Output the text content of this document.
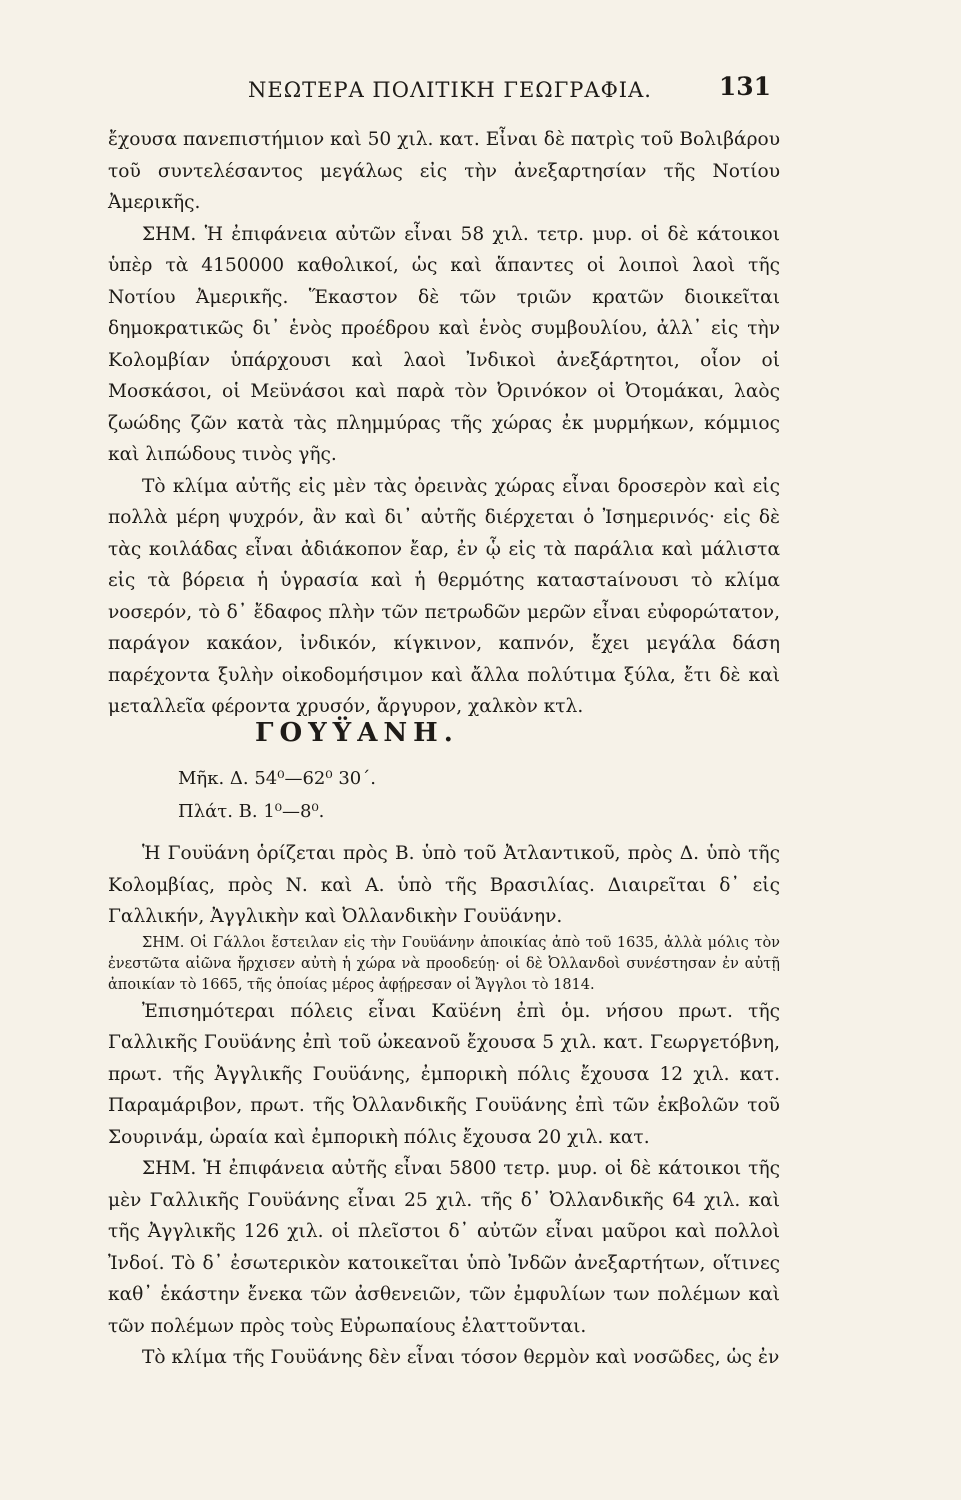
ΝΕΩΤΕΡΑ ΠΟΛΙΤΙΚΗ ΓΕΩΓΡΑΦΙΑ.	131

ἔχουσα πανεπιστήμιον καὶ 50 χιλ. κατ. Εἶναι δὲ πατρὶς τοῦ Βολιβάρου τοῦ συντελέσαντος μεγάλως εἰς τὴν ἀνεξαρτησίαν τῆς Νοτίου Ἀμερικῆς.

ΣΗΜ. Ἡ ἐπιφάνεια αὐτῶν εἶναι 58 χιλ. τετρ. μυρ. οἱ δὲ κάτοικοι ὑπὲρ τὰ 4150000 καθολικοί, ὡς καὶ ἅπαντες οἱ λοιποὶ λαοὶ τῆς Νοτίου Ἀμερικῆς. Ἕκαστον δὲ τῶν τριῶν κρατῶν διοικεῖται δημοκρατικῶς δι᾽ ἑνὸς προέδρου καὶ ἑνὸς συμβουλίου, ἀλλ᾽ εἰς τὴν Κολομβίαν ὑπάρχουσι καὶ λαοὶ Ἰνδικοὶ ἀνεξάρτητοι, οἷον οἱ Μοσκάσοι, οἱ Μεϋνάσοι καὶ παρὰ τὸν Ὀρινόκον οἱ Ὀτομάκαι, λαὸς ζωώδης ζῶν κατὰ τὰς πλημμύρας τῆς χώρας ἐκ μυρμήκων, κόμμιος καὶ λιπώδους τινὸς γῆς.

Τὸ κλίμα αὐτῆς εἰς μὲν τὰς ὀρεινὰς χώρας εἶναι δροσερὸν καὶ εἰς πολλὰ μέρη ψυχρόν, ἂν καὶ δι᾽ αὐτῆς διέρχεται ὁ Ἰσημερινός· εἰς δὲ τὰς κοιλάδας εἶναι ἀδιάκοπον ἔαρ, ἐν ᾧ εἰς τὰ παράλια καὶ μάλιστα εἰς τὰ βόρεια ἡ ὑγρασία καὶ ἡ θερμότης καταστaίνουσι τὸ κλίμα νοσερόν, τὸ δ᾽ ἔδαφος πλὴν τῶν πετρωδῶν μερῶν εἶναι εὐφορώτατον, παράγον κακάον, ἰνδικόν, κίγκινον, καπνόν, ἔχει μεγάλα δάση παρέχοντα ξυλὴν οἰκοδομήσιμον καὶ ἄλλα πολύτιμα ξύλα, ἔτι δὲ καὶ μεταλλεῖα φέροντα χρυσόν, ἄργυρον, χαλκὸν κτλ.

ΓΟΥΫΑΝΗ.
Μῆκ. Δ. 54⁰—62⁰ 30΄.
Πλάτ. Β. 1⁰—8⁰.

Ἡ Γουϋάνη ὁρίζεται πρὸς Β. ὑπὸ τοῦ Ἀτλαντικοῦ, πρὸς Δ. ὑπὸ τῆς Κολομβίας, πρὸς Ν. καὶ Α. ὑπὸ τῆς Βρασιλίας. Διαιρεῖται δ᾽ εἰς Γαλλικήν, Ἀγγλικὴν καὶ Ὀλλανδικὴν Γουϋάνην.

ΣΗΜ. Οἱ Γάλλοι ἔστειλαν εἰς τὴν Γουϋάνην ἀποικίας ἀπὸ τοῦ 1635, ἀλλὰ μόλις τὸν ἐνεστῶτα αἰῶνα ἤρχισεν αὐτὴ ἡ χώρα νὰ προοδεύῃ· οἱ δὲ Ὀλλανδοὶ συνέστησαν ἐν αὐτῇ ἀποικίαν τὸ 1665, τῆς ὁποίας μέρος ἀφῄρεσαν οἱ Ἄγγλοι τὸ 1814.

Ἐπισημότεραι πόλεις εἶναι Καϋένη ἐπὶ ὁμ. νήσου πρωτ. τῆς Γαλλικῆς Γουϋάνης ἐπὶ τοῦ ὠκεανοῦ ἔχουσα 5 χιλ. κατ. Γεωργετόβνη, πρωτ. τῆς Ἀγγλικῆς Γουϋάνης, ἐμπορικὴ πόλις ἔχουσα 12 χιλ. κατ. Παραμάριβον, πρωτ. τῆς Ὀλλανδικῆς Γουϋάνης ἐπὶ τῶν ἐκβολῶν τοῦ Σουρινάμ, ὡραία καὶ ἐμπορικὴ πόλις ἔχουσα 20 χιλ. κατ.

ΣΗΜ. Ἡ ἐπιφάνεια αὐτῆς εἶναι 5800 τετρ. μυρ. οἱ δὲ κάτοικοι τῆς μὲν Γαλλικῆς Γουϋάνης εἶναι 25 χιλ. τῆς δ᾽ Ὀλλανδικῆς 64 χιλ. καὶ τῆς Ἀγγλικῆς 126 χιλ. οἱ πλεῖστοι δ᾽ αὐτῶν εἶναι μαῦροι καὶ πολλοὶ Ἰνδοί. Τὸ δ᾽ ἐσωτερικὸν κατοικεῖται ὑπὸ Ἰνδῶν ἀνεξαρτήτων, οἵτινες καθ᾽ ἑκάστην ἔνεκα τῶν ἀσθενειῶν, τῶν ἐμφυλίων των πολέμων καὶ τῶν πολέμων πρὸς τοὺς Εὐρωπαίους ἐλαττοῦνται.

Τὸ κλίμα τῆς Γουϋάνης δὲν εἶναι τόσον θερμὸν καὶ νοσῶδες, ὡς ἐν
